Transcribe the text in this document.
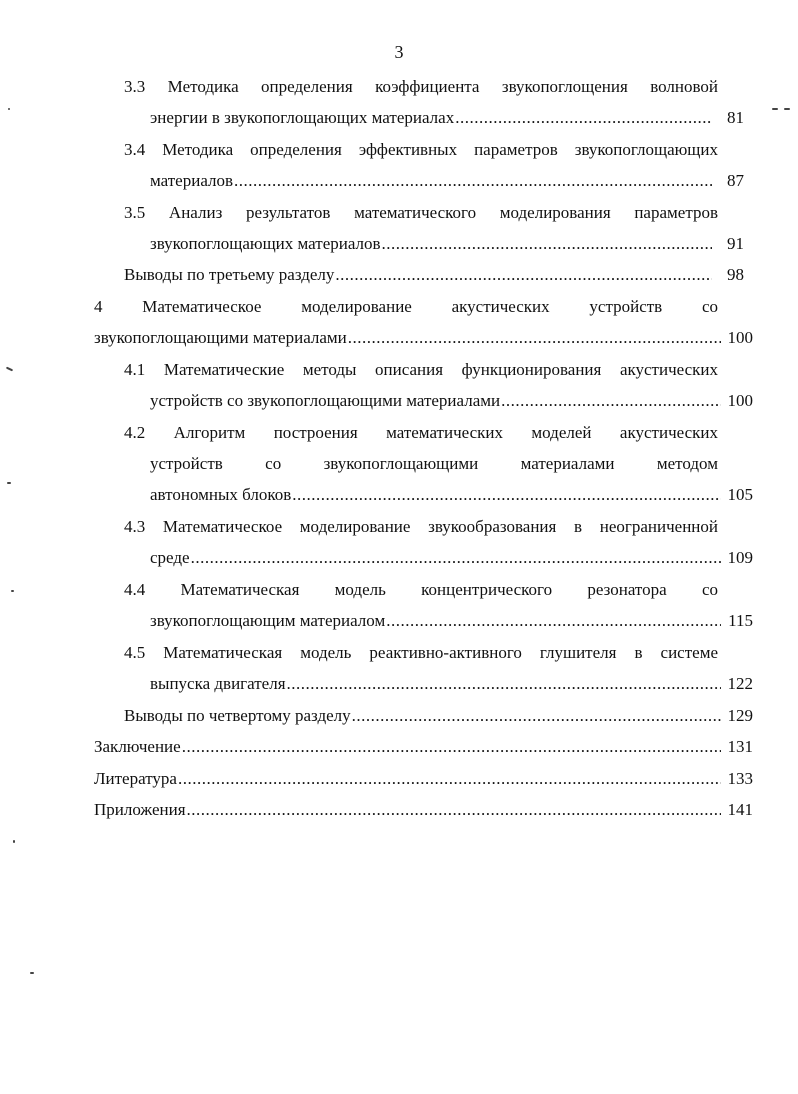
3
3.3 Методика определения коэффициента звукопоглощения волновой
энергии в звукопоглощающих материалах .....	81
3.4 Методика определения эффективных параметров звукопоглощающих
материалов .....	87
3.5 Анализ результатов математического моделирования параметров
звукопоглощающих материалов .....	91
Выводы по третьему разделу .....	98
4 Математическое моделирование акустических устройств со
звукопоглощающими материалами .....	100
4.1 Математические методы описания функционирования акустических
устройств со звукопоглощающими материалами .....	100
4.2 Алгоритм построения математических моделей акустических
устройств со звукопоглощающими материалами методом
автономных блоков .....	105
4.3 Математическое моделирование звукообразования в неограниченной
среде .....	109
4.4 Математическая модель концентрического резонатора со
звукопоглощающим материалом .....	115
4.5 Математическая модель реактивно-активного глушителя в системе
выпуска двигателя .....	122
Выводы по четвертому разделу .....	129
Заключение .....	131
Литература .....	133
Приложения .....	141
